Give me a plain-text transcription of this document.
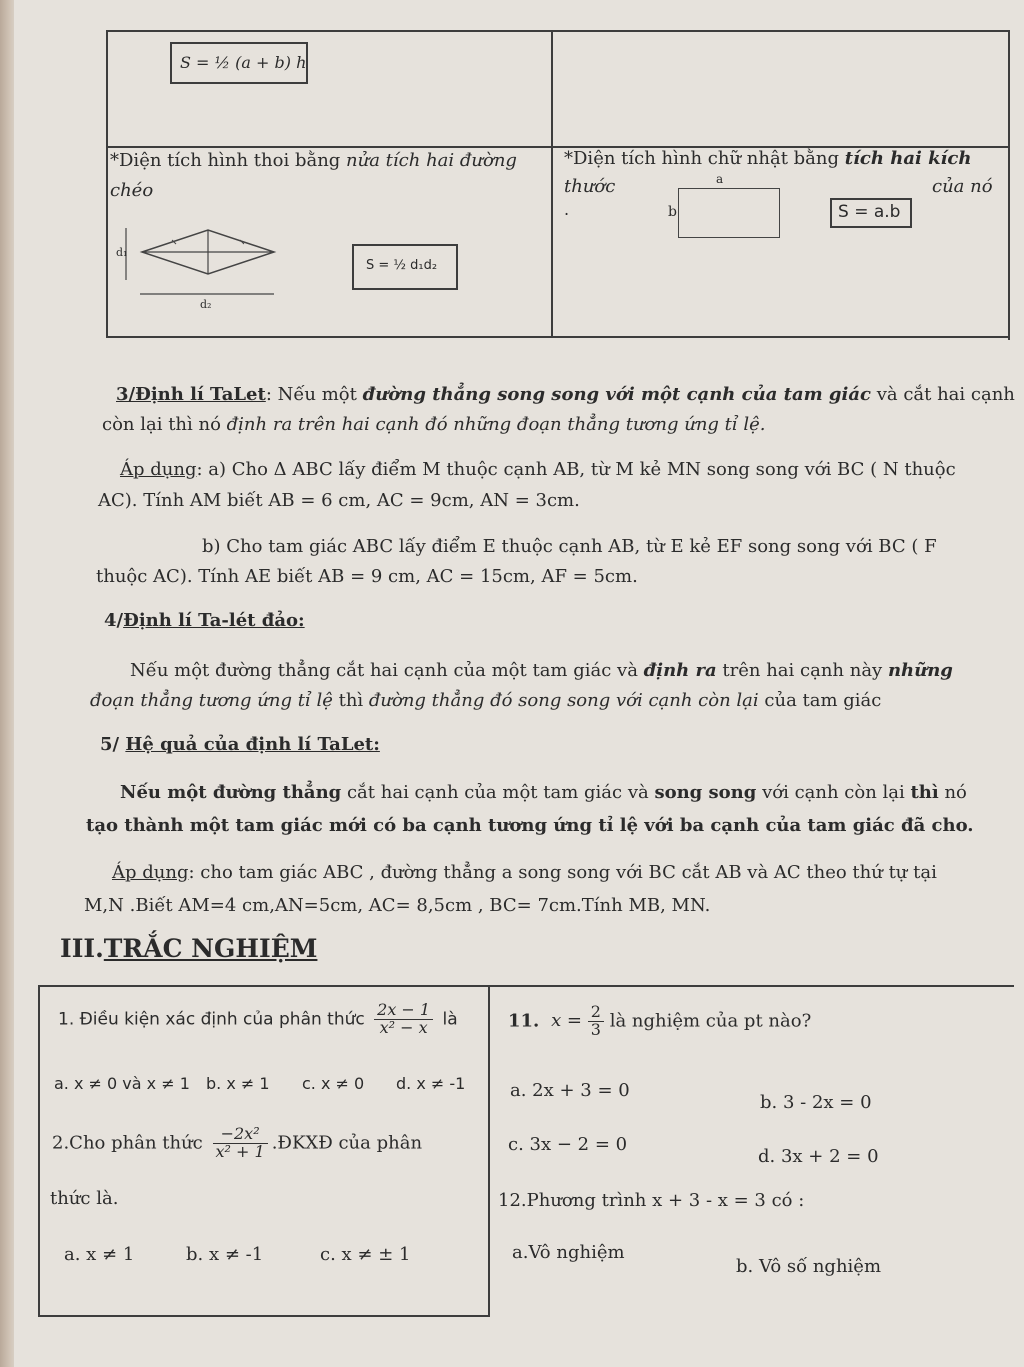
S = ½ (a + b) h
*Diện tích hình thoi bằng nửa tích hai đường
chéo
d₁
d₂
S = ½ d₁d₂
*Diện tích hình chữ nhật bằng tích hai kích
thước	của nó
.
a
b	S = a.b
3/Định lí TaLet: Nếu một đường thẳng song song với một cạnh của tam giác và cắt hai cạnh
còn lại thì nó định ra trên hai cạnh đó những đoạn thẳng tương ứng tỉ lệ.
Áp dụng: a) Cho Δ ABC lấy điểm M thuộc cạnh AB, từ M kẻ MN song song với BC ( N thuộc
AC). Tính AM biết AB = 6 cm, AC = 9cm, AN = 3cm.
b) Cho tam giác ABC lấy điểm E thuộc cạnh AB, từ E kẻ EF song song với BC ( F
thuộc AC). Tính AE biết AB = 9 cm, AC = 15cm, AF = 5cm.
4/Định lí Ta-lét đảo:
Nếu một đường thẳng cắt hai cạnh của một tam giác và định ra trên hai cạnh này những
đoạn thẳng tương ứng tỉ lệ thì đường thẳng đó song song với cạnh còn lại của tam giác
5/ Hệ quả của định lí TaLet:
Nếu một đường thẳng cắt hai cạnh của một tam giác và song song với cạnh còn lại thì nó
tạo thành một tam giác mới có ba cạnh tương ứng tỉ lệ với ba cạnh của tam giác đã cho.
Áp dụng: cho tam giác ABC , đường thẳng a song song với BC cắt AB và AC theo thứ tự tại
M,N .Biết AM=4 cm,AN=5cm, AC= 8,5cm , BC= 7cm.Tính MB, MN.
III.TRẮC NGHIỆM
1. Điều kiện xác định của phân thức $\frac{2x - 1}{\text{x² − x}}$ là
a. x ≠ 0 và x ≠ 1 b. x ≠ 1 c. x ≠ 0 d. x ≠ -1
2.Cho phân thức $\frac{\text{−2x²}}{\text{x² + 1}}$ .ĐKXĐ của phân
thức là.
a. x ≠ 1	b. x ≠ -1	c. x ≠ ± 1
11. $x = \frac{2}{3}$ là nghiệm của pt nào?
a. 2x + 3 = 0
b. 3 - 2x = 0
c. 3x − 2 = 0
d. 3x + 2 = 0
12.Phương trình x + 3 - x = 3 có :
a.Vô nghiệm
b. Vô số nghiệm
